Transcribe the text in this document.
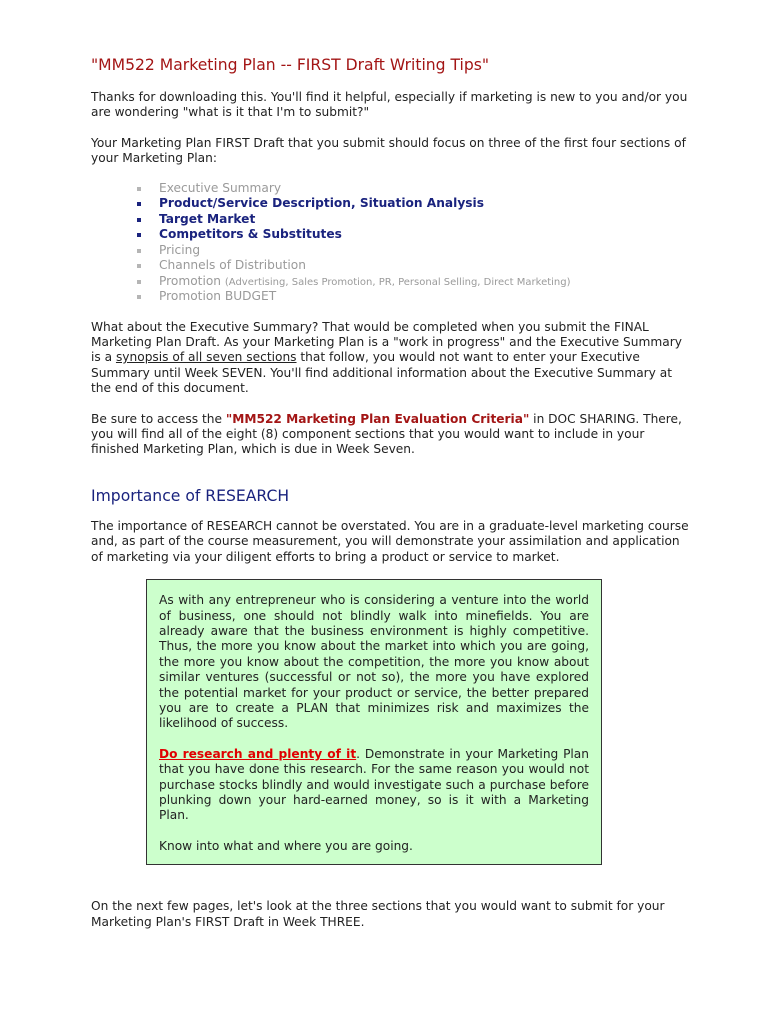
"MM522 Marketing Plan -- FIRST Draft Writing Tips"

Thanks for downloading this. You'll find it helpful, especially if marketing is new to you and/or you are wondering "what is it that I'm to submit?"

Your Marketing Plan FIRST Draft that you submit should focus on three of the first four sections of your Marketing Plan:

Executive Summary
Product/Service Description, Situation Analysis
Target Market
Competitors & Substitutes
Pricing
Channels of Distribution
Promotion (Advertising, Sales Promotion, PR, Personal Selling, Direct Marketing)
Promotion BUDGET

What about the Executive Summary? That would be completed when you submit the FINAL Marketing Plan Draft. As your Marketing Plan is a "work in progress" and the Executive Summary is a synopsis of all seven sections that follow, you would not want to enter your Executive Summary until Week SEVEN. You'll find additional information about the Executive Summary at the end of this document.

Be sure to access the "MM522 Marketing Plan Evaluation Criteria" in DOC SHARING. There, you will find all of the eight (8) component sections that you would want to include in your finished Marketing Plan, which is due in Week Seven.

Importance of RESEARCH

The importance of RESEARCH cannot be overstated. You are in a graduate-level marketing course and, as part of the course measurement, you will demonstrate your assimilation and application of marketing via your diligent efforts to bring a product or service to market.

As with any entrepreneur who is considering a venture into the world of business, one should not blindly walk into minefields. You are already aware that the business environment is highly competitive. Thus, the more you know about the market into which you are going, the more you know about the competition, the more you know about similar ventures (successful or not so), the more you have explored the potential market for your product or service, the better prepared you are to create a PLAN that minimizes risk and maximizes the likelihood of success.

Do research and plenty of it. Demonstrate in your Marketing Plan that you have done this research. For the same reason you would not purchase stocks blindly and would investigate such a purchase before plunking down your hard-earned money, so is it with a Marketing Plan.

Know into what and where you are going.

On the next few pages, let's look at the three sections that you would want to submit for your Marketing Plan's FIRST Draft in Week THREE.
